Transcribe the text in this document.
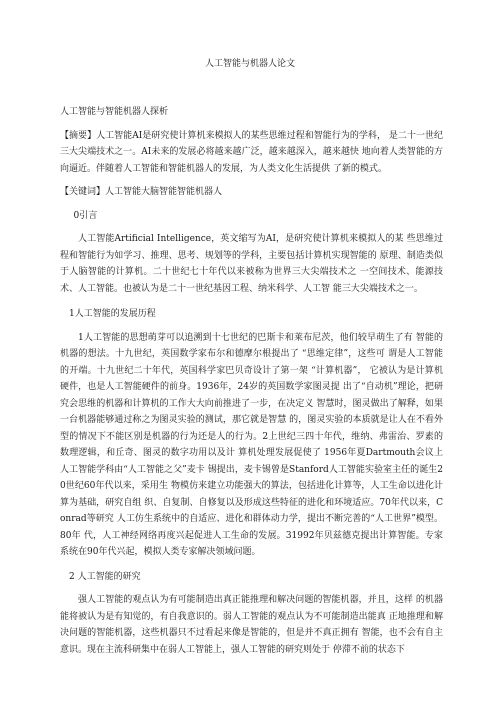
人工智能与机器人论文

人工智能与智能机器人探析

【摘要】人工智能AI是研究使计算机来模拟人的某些思维过程和智能行为的学科， 是二十一世纪三大尖端技术之一。AI未来的发展必将越来越广泛，越来越深入，越来越快 地向着人类智能的方向逼近。伴随着人工智能和智能机器人的发展，为人类文化生活提供 了新的模式。

【关键词】人工智能大脑智能智能机器人

0引言

人工智能Artificial Intelligence，英文缩写为AI，是研究使计算机来模拟人的某 些思维过程和智能行为如学习、推理、思考、规划等的学科，主要包括计算机实现智能的 原理、制造类似于人脑智能的计算机。二十世纪七十年代以来被称为世界三大尖端技术之 一空间技术、能源技术、人工智能。也被认为是二十一世纪基因工程、纳米科学、人工智 能三大尖端技术之一。

1人工智能的发展历程

1人工智能的思想萌芽可以追溯到十七世纪的巴斯卡和莱布尼茨，他们较早萌生了有 智能的机器的想法。十九世纪，英国数学家布尔和德摩尔根提出了 “思维定律”，这些可 谓是人工智能的开端。十九世纪二十年代，英国科学家巴贝奇设计了第一架 “计算机器”， 它被认为是计算机硬件，也是人工智能硬件的前身。1936年，24岁的英国数学家图灵提 出了“自动机”理论，把研究会思维的机器和计算机的工作大大向前推进了一步，在决定义 智慧时，图灵做出了解释，如果一台机器能够通过称之为图灵实验的测试，那它就是智慧 的，图灵实验的本质就是让人在不看外型的情况下不能区别是机器的行为还是人的行为。2上世纪三四十年代，维纳、弗雷治、罗素的数理逻辑，和丘奇、图灵的数字功用以及计 算机处理发展促使了 1956年夏Dartmouth会议上人工智能学科由“人工智能之父”麦卡 锡提出，麦卡锡曾是Stanford人工智能实验室主任的诞生20世纪60年代以来，采用生 物模仿来建立功能强大的算法，包括进化计算等，人工生命以进化计算为基础，研究自组 织、自复制、自修复以及形成这些特征的进化和环境适应。70年代以来，Conrad等研究 人工仿生系统中的自适应、进化和群体动力学，提出不断完善的“人工世界”模型。80年 代，人工神经网络再度兴起促进人工生命的发展。31992年贝兹德克提出计算智能。专家 系统在90年代兴起，模拟人类专家解决领域问题。

2 人工智能的研究

强人工智能的观点认为有可能制造出真正能推理和解决问题的智能机器，并且，这样 的机器能将被认为是有知觉的，有自我意识的。弱人工智能的观点认为不可能制造出能真 正地推理和解决问题的智能机器，这些机器只不过看起来像是智能的，但是并不真正拥有 智能，也不会有自主意识。现在主流科研集中在弱人工智能上，强人工智能的研究则处于 停滞不前的状态下
